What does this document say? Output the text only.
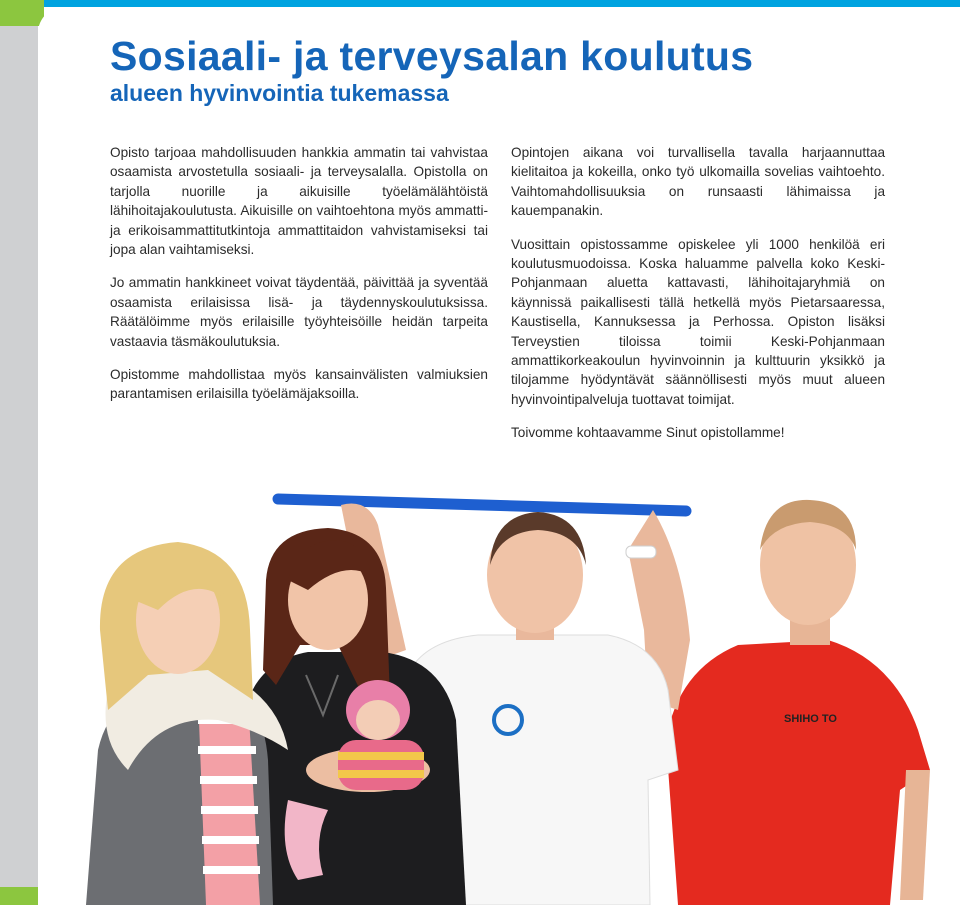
Sosiaali- ja terveysalan koulutus
alueen hyvinvointia tukemassa

Opisto tarjoaa mahdollisuuden hankkia ammatin tai vahvistaa osaamista arvostetulla sosiaali- ja terveysalalla. Opistolla on tarjolla nuorille ja aikuisille työelämälähtöistä lähihoitajakoulutusta. Aikuisille on vaihtoehtona myös ammatti- ja erikoisammattitutkintoja ammattitaidon vahvistamiseksi tai jopa alan vaihtamiseksi.

Jo ammatin hankkineet voivat täydentää, päivittää ja syventää osaamista erilaisissa lisä- ja täydennyskoulutuksissa. Räätälöimme myös erilaisille työyhteisöille heidän tarpeita vastaavia täsmäkoulutuksia.

Opistomme mahdollistaa myös kansainvälisten valmiuksien parantamisen erilaisilla työelämäjaksoilla.

Opintojen aikana voi turvallisella tavalla harjaannuttaa kielitaitoa ja kokeilla, onko työ ulkomailla sovelias vaihtoehto. Vaihtomahdollisuuksia on runsaasti lähimaissa ja kauempanakin.

Vuosittain opistossamme opiskelee yli 1000 henkilöä eri koulutusmuodoissa. Koska haluamme palvella koko Keski-Pohjanmaan aluetta kattavasti, lähihoitajaryhmiä on käynnissä paikallisesti tällä hetkellä myös Pietarsaaressa, Kaustisella, Kannuksessa ja Perhossa. Opiston lisäksi Terveystien tiloissa toimii Keski-Pohjanmaan ammattikorkeakoulun hyvinvoinnin ja kulttuurin yksikkö ja tilojamme hyödyntävät säännöllisesti myös muut alueen hyvinvointipalveluja tuottavat toimijat.

Toivomme kohtaavamme Sinut opistollamme!

SHIHO TO
